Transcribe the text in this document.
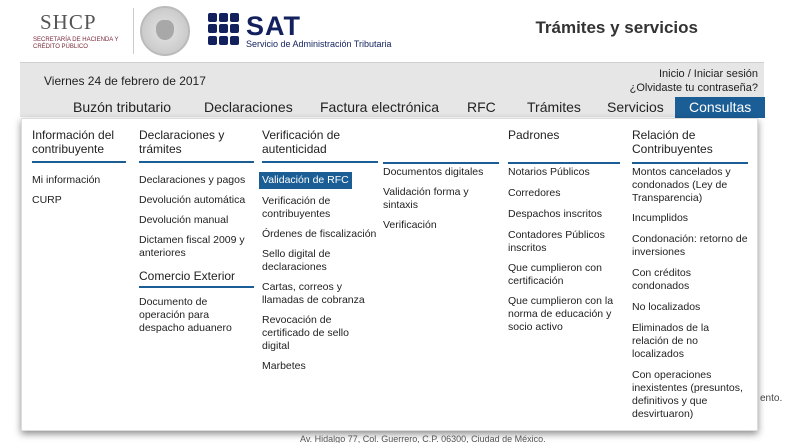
SHCP
SECRETARÍA DE HACIENDA Y CRÉDITO PÚBLICO
SAT
Servicio de Administración Tributaria
Trámites y servicios
Viernes 24 de febrero de 2017	Inicio / Iniciar sesión
¿Olvidaste tu contraseña?
Buzón tributario Declaraciones Factura electrónica RFC Trámites Servicios	Consultas
Información del contribuyente
Mi información
CURP
Declaraciones y trámites
Declaraciones y pagos
Devolución automática
Devolución manual
Dictamen fiscal 2009 y anteriores
Comercio Exterior
Documento de operación para despacho aduanero
Verificación de autenticidad
Validación de RFC
Verificación de contribuyentes
Órdenes de fiscalización
Sello digital de declaraciones
Cartas, correos y llamadas de cobranza
Revocación de certificado de sello digital
Marbetes
Documentos digitales
Validación forma y sintaxis
Verificación
Padrones
Notarios Públicos
Corredores
Despachos inscritos
Contadores Públicos inscritos
Que cumplieron con certificación
Que cumplieron con la norma de educación y socio activo
Relación de Contribuyentes
Montos cancelados y condonados (Ley de Transparencia)
Incumplidos
Condonación: retorno de inversiones
Con créditos condonados
No localizados
Eliminados de la relación de no localizados
Con operaciones inexistentes (presuntos, definitivos y que desvirtuaron)
ento.
Av. Hidalgo 77, Col. Guerrero, C.P. 06300, Ciudad de México.
